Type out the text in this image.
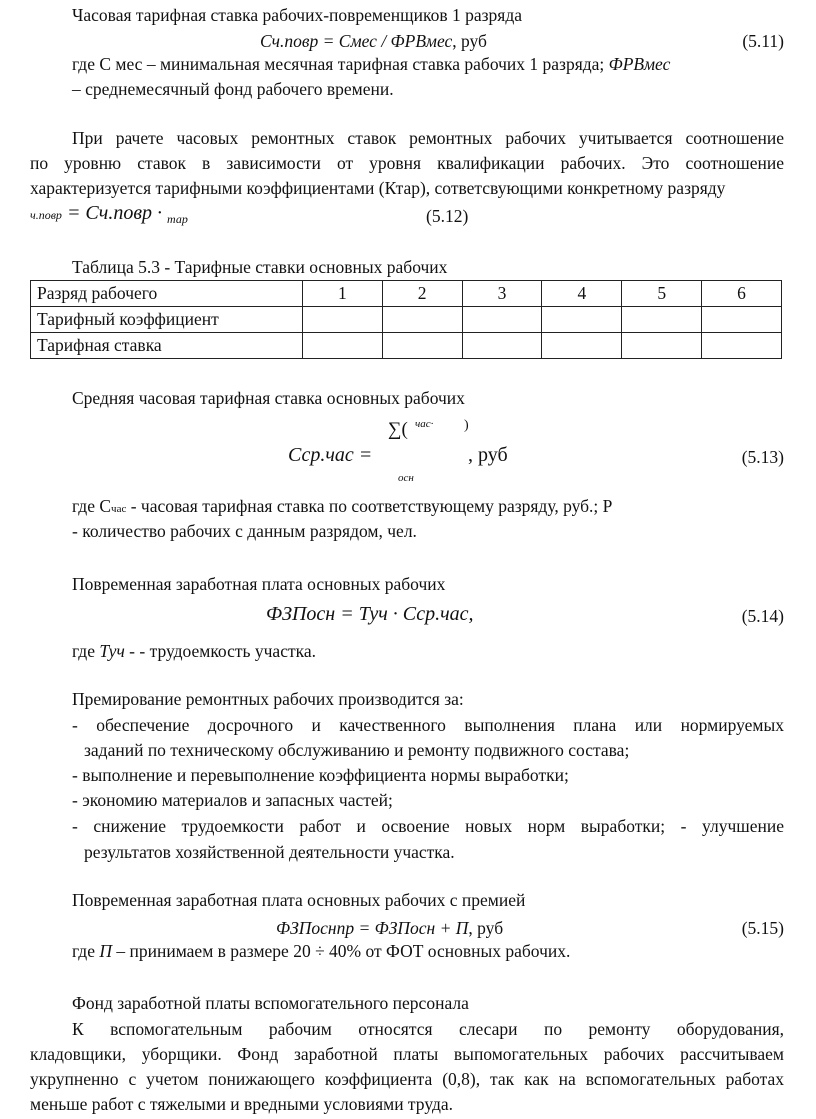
Часовая тарифная ставка рабочих-повременщиков 1 разряда
Сч.повр = Смес / ФРВмес, руб	(5.11)
где С мес – минимальная месячная тарифная ставка рабочих 1 разряда; ФРВмес
– среднемесячный фонд рабочего времени.
При рачете часовых ремонтных ставок ремонтных рабочих учитывается соотношение
по уровню ставок в зависимости от уровня квалификации рабочих. Это соотношение
характеризуется тарифными коэффициентами (Ктар), сответсвующими конкретному разряду
ч.повр = Сч.повр · $_{тар}$	(5.12)
Таблица 5.3 - Тарифные ставки основных рабочих
Разряд рабочего	1	2	3	4	5	6
Тарифный коэффициент						
Тарифная ставка						
Средняя часовая тарифная ставка основных рабочих
∑( час· )
Сср.час =	, руб
осн
(5.13)
где Счас - часовая тарифная ставка по соответствующему разряду, руб.; Р
- количество рабочих с данным разрядом, чел.
Повременная заработная плата основных рабочих
ФЗПосн = Туч · Сср.час,	(5.14)
где Туч - - трудоемкость участка.
Премирование ремонтных рабочих производится за:
- обеспечение досрочного и качественного выполнения плана или нормируемых
заданий по техническому обслуживанию и ремонту подвижного состава;
- выполнение и перевыполнение коэффициента нормы выработки;
- экономию материалов и запасных частей;
- снижение трудоемкости работ и освоение новых норм выработки; - улучшение
результатов хозяйственной деятельности участка.
Повременная заработная плата основных рабочих с премией
ФЗПоснпр = ФЗПосн + П, руб	(5.15)
где П – принимаем в размере 20 ÷ 40% от ФОТ основных рабочих.
Фонд заработной платы вспомогательного персонала
К вспомогательным рабочим относятся слесари по ремонту оборудования,
кладовщики, уборщики. Фонд заработной платы выпомогательных рабочих рассчитываем
укрупненно с учетом понижающего коэффициента (0,8), так как на вспомогательных работах
меньше работ с тяжелыми и вредными условиями труда.
